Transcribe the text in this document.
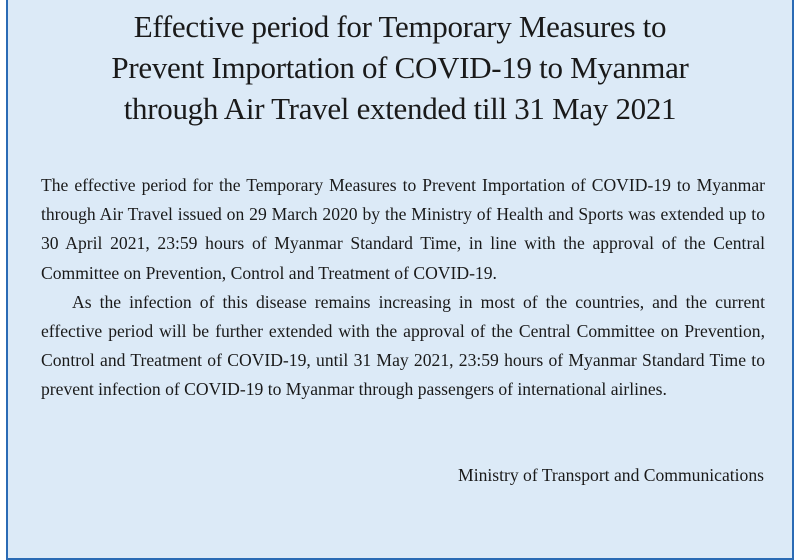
Effective period for Temporary Measures to
Prevent Importation of COVID-19 to Myanmar
through Air Travel extended till 31 May 2021

The effective period for the Temporary Measures to Prevent Importation of COVID-19 to Myanmar through Air Travel issued on 29 March 2020 by the Ministry of Health and Sports was extended up to 30 April 2021, 23:59 hours of Myanmar Standard Time, in line with the approval of the Central Committee on Prevention, Control and Treatment of COVID-19.

As the infection of this disease remains increasing in most of the countries, and the current effective period will be further extended with the approval of the Central Committee on Prevention, Control and Treatment of COVID-19, until 31 May 2021, 23:59 hours of Myanmar Standard Time to prevent infection of COVID-19 to Myanmar through passengers of international airlines.

Ministry of Transport and Communications
